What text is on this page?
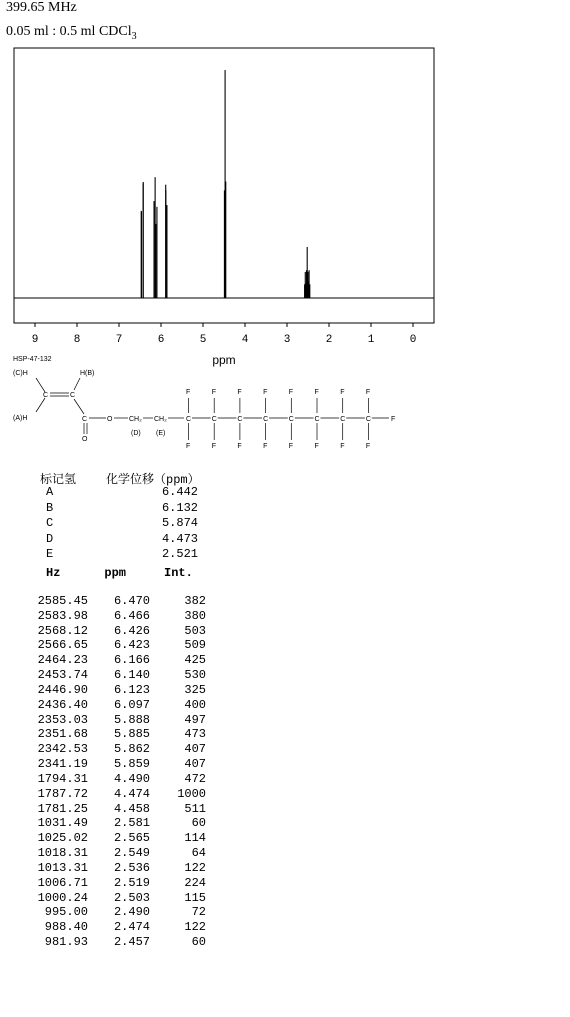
399.65 MHz
0.05 ml : 0.5 ml CDCl$_3$
9	8	7	6	5	4	3	2	1	0
ppm
HSP-47-132
(C)H	H(B)
(A)H
C	C
C
O
O CH₂ CH₂
(D) (E)
C
F
F
C
F
F
C
F
F
C
F
F
C
F
F
C
F
F
C
F
F
C
F
F
F
标记氢 化学位移（ppm）
A	6.442
B	6.132
C	5.874
D	4.473
E	2.521
Hz	ppm	Int.
2585.45 6.470	382
2583.98 6.466	380
2568.12 6.426	503
2566.65 6.423	509
2464.23 6.166	425
2453.74 6.140	530
2446.90 6.123	325
2436.40 6.097	400
2353.03 5.888	497
2351.68 5.885	473
2342.53 5.862	407
2341.19 5.859	407
1794.31 4.490	472
1787.72 4.474 1000
1781.25 4.458	511
1031.49 2.581	60
1025.02 2.565	114
1018.31 2.549	64
1013.31 2.536	122
1006.71 2.519	224
1000.24 2.503	115
995.00 2.490	72
988.40 2.474	122
981.93 2.457	60
